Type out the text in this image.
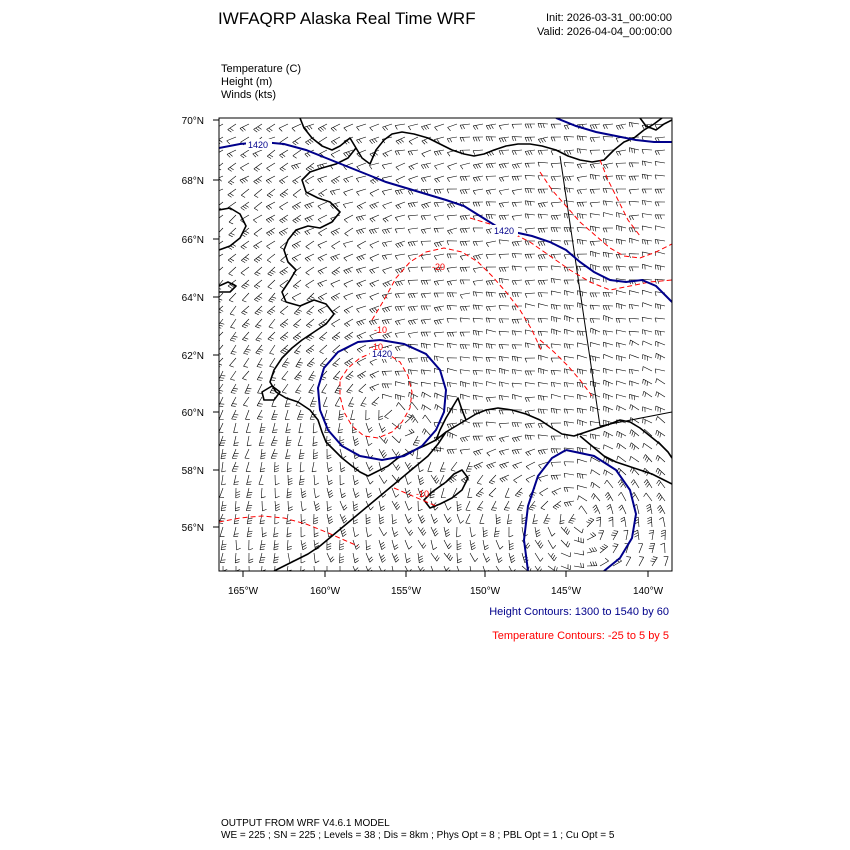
IWFAQRP Alaska Real Time WRF	Init: 2026-03-31_00:00:00
Valid: 2026-04-04_00:00:00
Temperature (C)
Height (m)
Winds (kts)
1420
1420
1420
-20
-10
-10
-10
70°N
68°N
66°N
64°N
62°N
60°N
58°N
56°N
165°W	160°W	155°W	150°W	145°W	140°W
Height Contours: 1300 to 1540 by 60
Temperature Contours: -25 to 5 by 5
OUTPUT FROM WRF V4.6.1 MODEL
WE = 225 ; SN = 225 ; Levels = 38 ; Dis = 8km ; Phys Opt = 8 ; PBL Opt = 1 ; Cu Opt = 5
